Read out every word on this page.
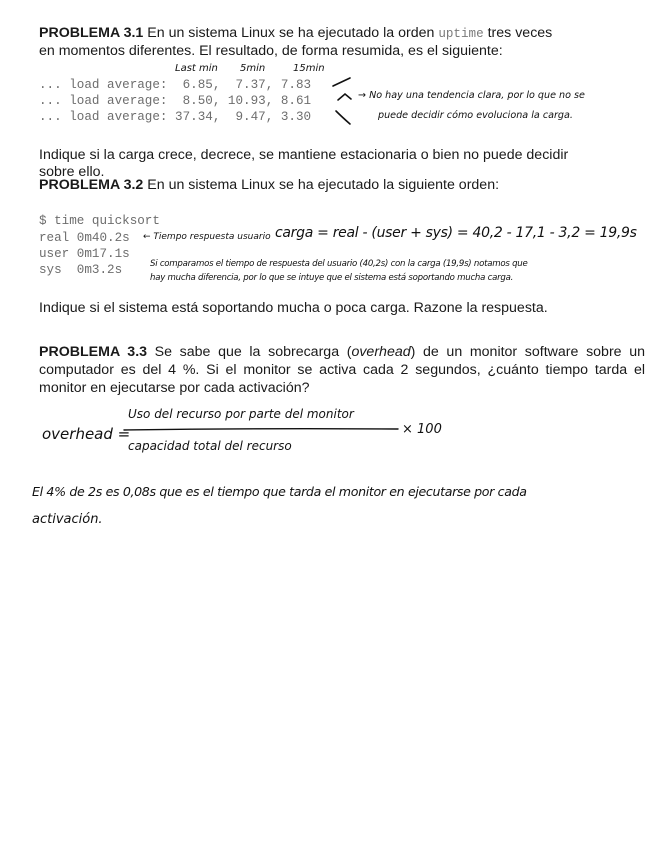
PROBLEMA 3.1 En un sistema Linux se ha ejecutado la orden uptime tres veces
en momentos diferentes. El resultado, de forma resumida, es el siguiente:
Last min 5min	15min
... load average:  6.85,  7.37, 7.83
... load average:  8.50, 10.93, 8.61
... load average: 37.34,  9.47, 3.30
→ No hay una tendencia clara, por lo que no se
puede decidir cómo evoluciona la carga.
Indique si la carga crece, decrece, se mantiene estacionaria o bien no puede decidir
sobre ello.
PROBLEMA 3.2 En un sistema Linux se ha ejecutado la siguiente orden:
$ time quicksort
real 0m40.2s
user 0m17.1s
sys  0m3.2s
← Tiempo respuesta usuario carga = real - (user + sys) = 40,2 - 17,1 - 3,2 = 19,9s
Si comparamos el tiempo de respuesta del usuario (40,2s) con la carga (19,9s) notamos que
hay mucha diferencia, por lo que se intuye que el sistema está soportando mucha carga.
Indique si el sistema está soportando mucha o poca carga. Razone la respuesta.
PROBLEMA 3.3 Se sabe que la sobrecarga (overhead) de un monitor software sobre un computador es del 4 %. Si el monitor se activa cada 2 segundos, ¿cuánto tiempo tarda el monitor en ejecutarse por cada activación?
overhead =
Uso del recurso por parte del monitor
capacidad total del recurso
× 100
El 4% de 2s es 0,08s que es el tiempo que tarda el monitor en ejecutarse por cada
activación.
